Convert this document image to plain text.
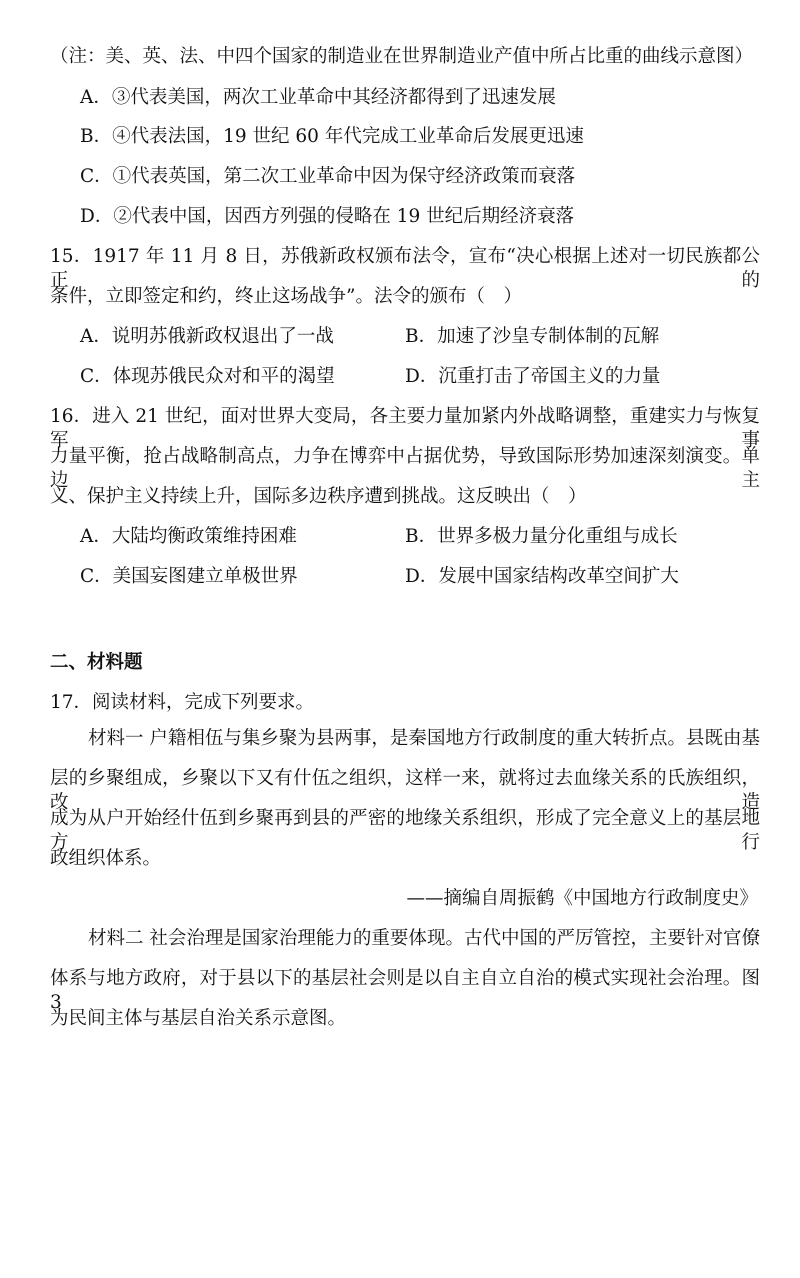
（注：美、英、法、中四个国家的制造业在世界制造业产值中所占比重的曲线示意图）
A．③代表美国，两次工业革命中其经济都得到了迅速发展
B．④代表法国，19 世纪 60 年代完成工业革命后发展更迅速
C．①代表英国，第二次工业革命中因为保守经济政策而衰落
D．②代表中国，因西方列强的侵略在 19 世纪后期经济衰落
15．1917 年 11 月 8 日，苏俄新政权颁布法令，宣布“决心根据上述对一切民族都公正的
条件，立即签定和约，终止这场战争”。法令的颁布（　）
A．说明苏俄新政权退出了一战	B．加速了沙皇专制体制的瓦解
C．体现苏俄民众对和平的渴望	D．沉重打击了帝国主义的力量
16．进入 21 世纪，面对世界大变局，各主要力量加紧内外战略调整，重建实力与恢复军事
力量平衡，抢占战略制高点，力争在博弈中占据优势，导致国际形势加速深刻演变。单边主
义、保护主义持续上升，国际多边秩序遭到挑战。这反映出（　）
A．大陆均衡政策维持困难	B．世界多极力量分化重组与成长
C．美国妄图建立单极世界	D．发展中国家结构改革空间扩大
二、材料题
17．阅读材料，完成下列要求。
材料一 户籍相伍与集乡聚为县两事，是秦国地方行政制度的重大转折点。县既由基
层的乡聚组成，乡聚以下又有什伍之组织，这样一来，就将过去血缘关系的氏族组织，改造
成为从户开始经什伍到乡聚再到县的严密的地缘关系组织，形成了完全意义上的基层地方行
政组织体系。
——摘编自周振鹤《中国地方行政制度史》
材料二 社会治理是国家治理能力的重要体现。古代中国的严厉管控，主要针对官僚
体系与地方政府，对于县以下的基层社会则是以自主自立自治的模式实现社会治理。图 3
为民间主体与基层自治关系示意图。
